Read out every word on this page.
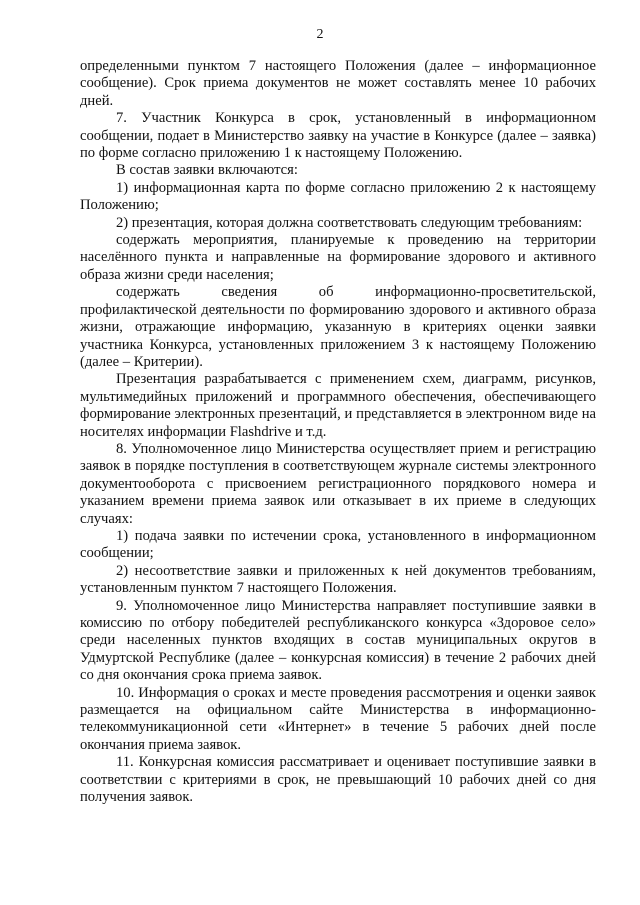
2

определенными пунктом 7 настоящего Положения (далее – информационное сообщение). Срок приема документов не может составлять менее 10 рабочих дней.

7. Участник Конкурса в срок, установленный в информационном сообщении, подает в Министерство заявку на участие в Конкурсе (далее – заявка) по форме согласно приложению 1 к настоящему Положению.

В состав заявки включаются:

1) информационная карта по форме согласно приложению 2 к настоящему Положению;

2) презентация, которая должна соответствовать следующим требованиям:

содержать мероприятия, планируемые к проведению на территории населённого пункта и направленные на формирование здорового и активного образа жизни среди населения;

содержать сведения об информационно-просветительской, профилактической деятельности по формированию здорового и активного образа жизни, отражающие информацию, указанную в критериях оценки заявки участника Конкурса, установленных приложением 3 к настоящему Положению (далее – Критерии).

Презентация разрабатывается с применением схем, диаграмм, рисунков, мультимедийных приложений и программного обеспечения, обеспечивающего формирование электронных презентаций, и представляется в электронном виде на носителях информации Flashdrive и т.д.

8. Уполномоченное лицо Министерства осуществляет прием и регистрацию заявок в порядке поступления в соответствующем журнале системы электронного документооборота с присвоением регистрационного порядкового номера и указанием времени приема заявок или отказывает в их приеме в следующих случаях:

1) подача заявки по истечении срока, установленного в информационном сообщении;

2) несоответствие заявки и приложенных к ней документов требованиям, установленным пунктом 7 настоящего Положения.

9. Уполномоченное лицо Министерства направляет поступившие заявки в комиссию по отбору победителей республиканского конкурса «Здоровое село» среди населенных пунктов входящих в состав муниципальных округов в Удмуртской Республике (далее – конкурсная комиссия) в течение 2 рабочих дней со дня окончания срока приема заявок.

10. Информация о сроках и месте проведения рассмотрения и оценки заявок размещается на официальном сайте Министерства в информационно-телекоммуникационной сети «Интернет» в течение 5 рабочих дней после окончания приема заявок.

11. Конкурсная комиссия рассматривает и оценивает поступившие заявки в соответствии с критериями в срок, не превышающий 10 рабочих дней со дня получения заявок.
